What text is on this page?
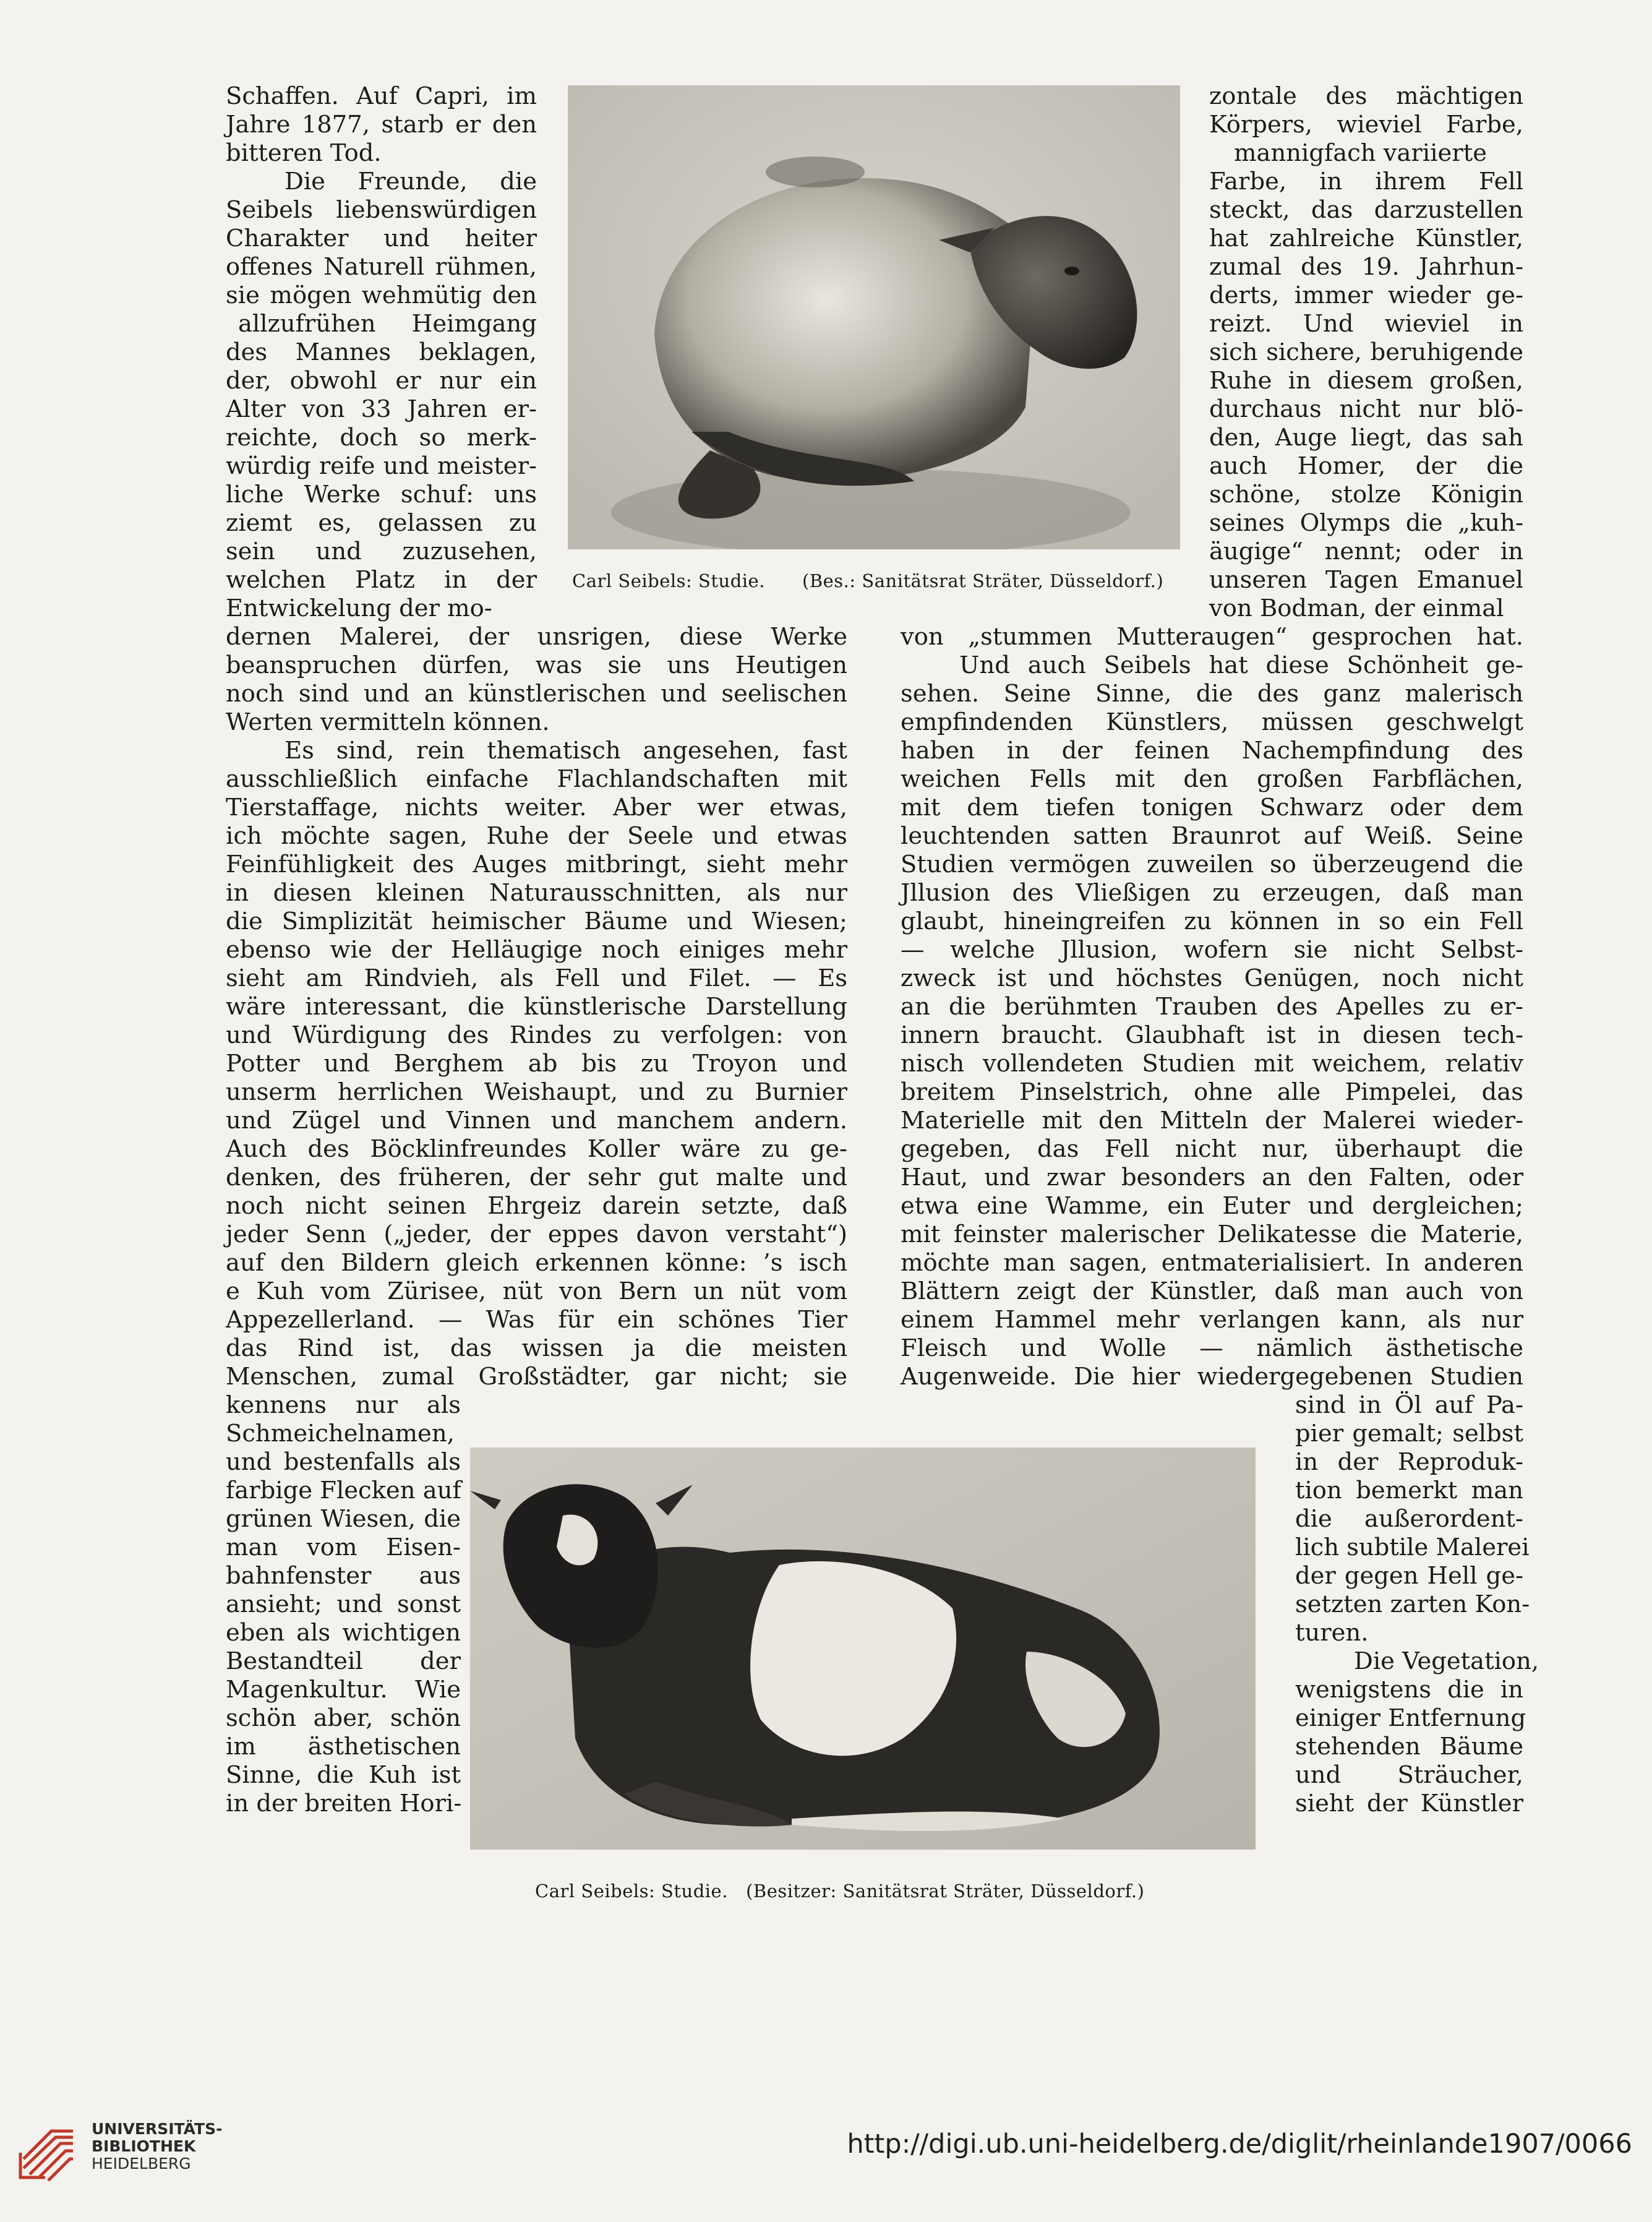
Carl Seibels: Studie. (Bes.: Sanitätsrat Sträter, Düsseldorf.)
Carl Seibels: Studie.   (Besitzer: Sanitätsrat Sträter, Düsseldorf.)
Schaffen. Auf Capri, im
Jahre 1877, starb er den
bitteren Tod.
Die Freunde, die
Seibels liebenswürdigen
Charakter und heiter
offenes Naturell rühmen,
sie mögen wehmütig den
allzufrühen Heimgang
des Mannes beklagen,
der, obwohl er nur ein
Alter von 33 Jahren er-
reichte, doch so merk-
würdig reife und meister-
liche Werke schuf: uns
ziemt es, gelassen zu
sein und zuzusehen,
welchen Platz in der
Entwickelung der mo-
zontale des mächtigen
Körpers, wieviel Farbe,
mannigfach variierte
Farbe, in ihrem Fell
steckt, das darzustellen
hat zahlreiche Künstler,
zumal des 19. Jahrhun-
derts, immer wieder ge-
reizt. Und wieviel in
sich sichere, beruhigende
Ruhe in diesem großen,
durchaus nicht nur blö-
den, Auge liegt, das sah
auch Homer, der die
schöne, stolze Königin
seines Olymps die „kuh-
äugige“ nennt; oder in
unseren Tagen Emanuel
von Bodman, der einmal
dernen Malerei, der unsrigen, diese Werke
beanspruchen dürfen, was sie uns Heutigen
noch sind und an künstlerischen und seelischen
Werten vermitteln können.
Es sind, rein thematisch angesehen, fast
ausschließlich einfache Flachlandschaften mit
Tierstaffage, nichts weiter. Aber wer etwas,
ich möchte sagen, Ruhe der Seele und etwas
Feinfühligkeit des Auges mitbringt, sieht mehr
in diesen kleinen Naturausschnitten, als nur
die Simplizität heimischer Bäume und Wiesen;
ebenso wie der Helläugige noch einiges mehr
sieht am Rindvieh, als Fell und Filet. — Es
wäre interessant, die künstlerische Darstellung
und Würdigung des Rindes zu verfolgen: von
Potter und Berghem ab bis zu Troyon und
unserm herrlichen Weishaupt, und zu Burnier
und Zügel und Vinnen und manchem andern.
Auch des Böcklinfreundes Koller wäre zu ge-
denken, des früheren, der sehr gut malte und
noch nicht seinen Ehrgeiz darein setzte, daß
jeder Senn („jeder, der eppes davon verstaht“)
auf den Bildern gleich erkennen könne: ’s isch
e Kuh vom Zürisee, nüt von Bern un nüt vom
Appezellerland. — Was für ein schönes Tier
das Rind ist, das wissen ja die meisten
Menschen, zumal Großstädter, gar nicht; sie
von „stummen Mutteraugen“ gesprochen hat.
Und auch Seibels hat diese Schönheit ge-
sehen. Seine Sinne, die des ganz malerisch
empfindenden Künstlers, müssen geschwelgt
haben in der feinen Nachempfindung des
weichen Fells mit den großen Farbflächen,
mit dem tiefen tonigen Schwarz oder dem
leuchtenden satten Braunrot auf Weiß. Seine
Studien vermögen zuweilen so überzeugend die
Jllusion des Vließigen zu erzeugen, daß man
glaubt, hineingreifen zu können in so ein Fell
— welche Jllusion, wofern sie nicht Selbst-
zweck ist und höchstes Genügen, noch nicht
an die berühmten Trauben des Apelles zu er-
innern braucht. Glaubhaft ist in diesen tech-
nisch vollendeten Studien mit weichem, relativ
breitem Pinselstrich, ohne alle Pimpelei, das
Materielle mit den Mitteln der Malerei wieder-
gegeben, das Fell nicht nur, überhaupt die
Haut, und zwar besonders an den Falten, oder
etwa eine Wamme, ein Euter und dergleichen;
mit feinster malerischer Delikatesse die Materie,
möchte man sagen, entmaterialisiert. In anderen
Blättern zeigt der Künstler, daß man auch von
einem Hammel mehr verlangen kann, als nur
Fleisch und Wolle — nämlich ästhetische
Augenweide. Die hier wiedergegebenen Studien
kennens nur als
Schmeichelnamen,
und bestenfalls als
farbige Flecken auf
grünen Wiesen, die
man vom Eisen-
bahnfenster aus
ansieht; und sonst
eben als wichtigen
Bestandteil der
Magenkultur. Wie
schön aber, schön
im ästhetischen
Sinne, die Kuh ist
in der breiten Hori-
sind in Öl auf Pa-
pier gemalt; selbst
in der Reproduk-
tion bemerkt man
die außerordent-
lich subtile Malerei
der gegen Hell ge-
setzten zarten Kon-
turen.
Die Vegetation,
wenigstens die in
einiger Entfernung
stehenden Bäume
und Sträucher,
sieht der Künstler
UNIVERSITÄTS-
BIBLIOTHEK
HEIDELBERG
http://digi.ub.uni-heidelberg.de/diglit/rheinlande1907/0066
